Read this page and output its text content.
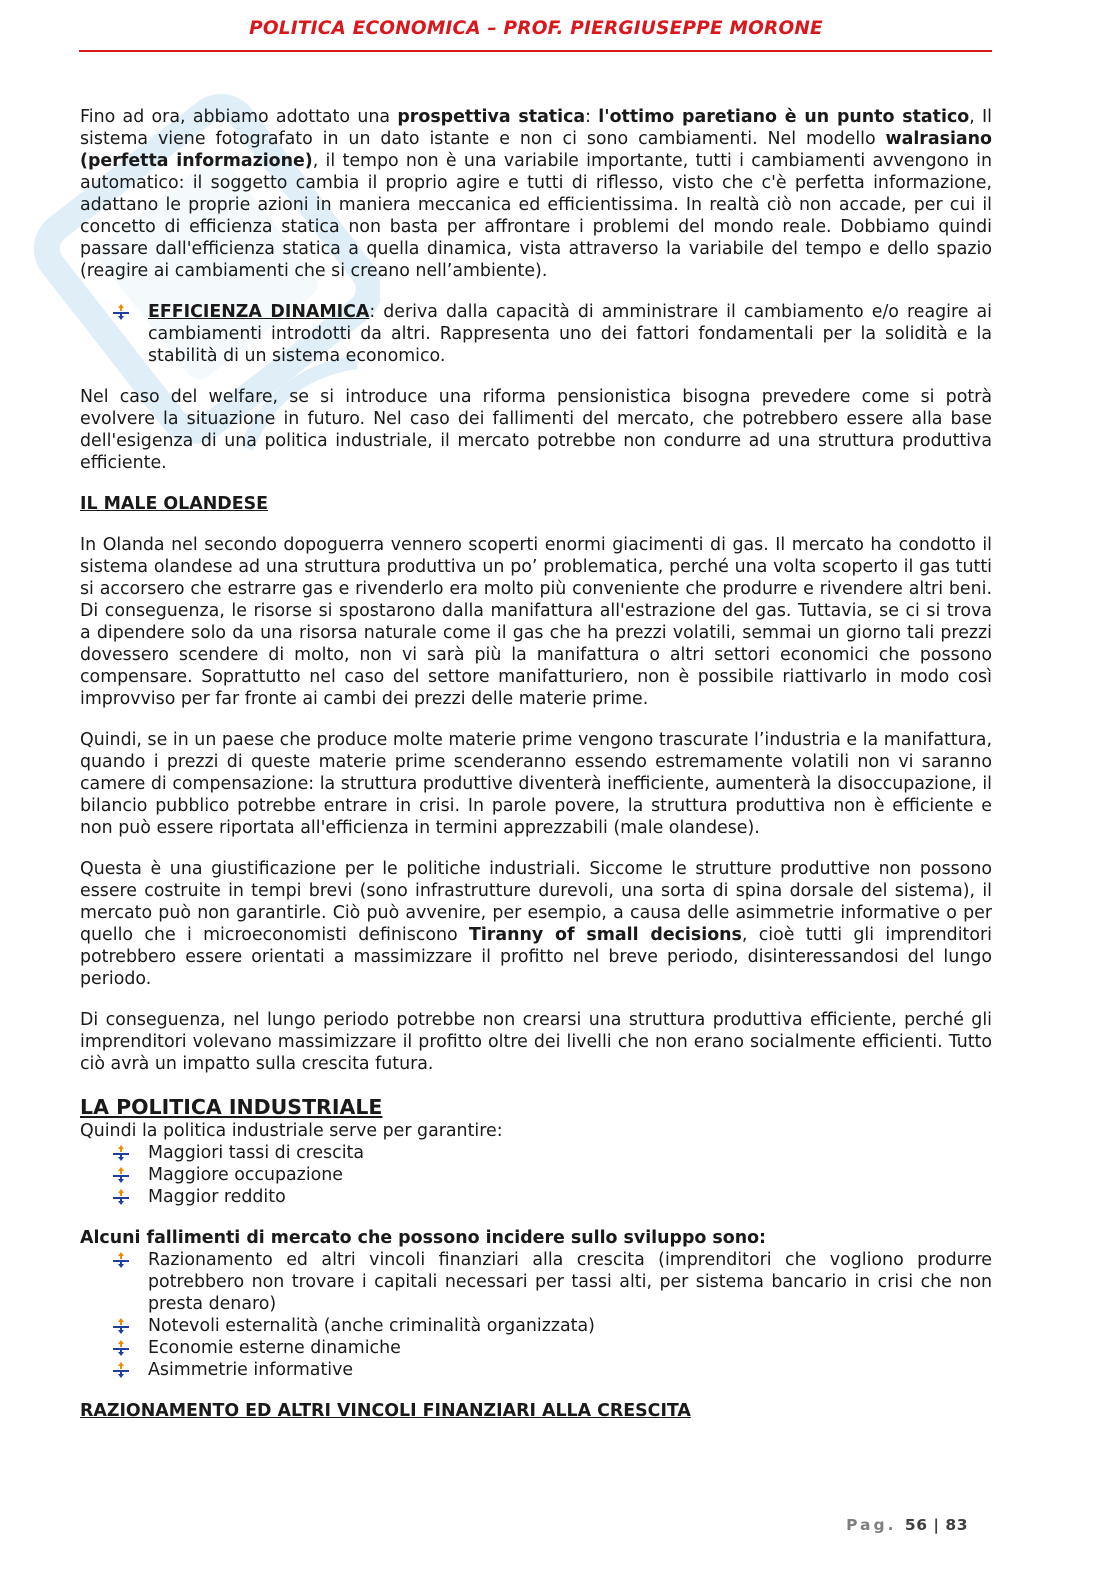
POLITICA ECONOMICA – PROF. PIERGIUSEPPE MORONE

Fino ad ora, abbiamo adottato una prospettiva statica: l'ottimo paretiano è un punto statico, Il sistema viene fotografato in un dato istante e non ci sono cambiamenti. Nel modello walrasiano (perfetta informazione), il tempo non è una variabile importante, tutti i cambiamenti avvengono in automatico: il soggetto cambia il proprio agire e tutti di riflesso, visto che c'è perfetta informazione, adattano le proprie azioni in maniera meccanica ed efficientissima. In realtà ciò non accade, per cui il concetto di efficienza statica non basta per affrontare i problemi del mondo reale. Dobbiamo quindi passare dall'efficienza statica a quella dinamica, vista attraverso la variabile del tempo e dello spazio (reagire ai cambiamenti che si creano nell’ambiente).

EFFICIENZA DINAMICA: deriva dalla capacità di amministrare il cambiamento e/o reagire ai cambiamenti introdotti da altri. Rappresenta uno dei fattori fondamentali per la solidità e la stabilità di un sistema economico.

Nel caso del welfare, se si introduce una riforma pensionistica bisogna prevedere come si potrà evolvere la situazione in futuro. Nel caso dei fallimenti del mercato, che potrebbero essere alla base dell'esigenza di una politica industriale, il mercato potrebbe non condurre ad una struttura produttiva efficiente.

IL MALE OLANDESE

In Olanda nel secondo dopoguerra vennero scoperti enormi giacimenti di gas. Il mercato ha condotto il sistema olandese ad una struttura produttiva un po’ problematica, perché una volta scoperto il gas tutti si accorsero che estrarre gas e rivenderlo era molto più conveniente che produrre e rivendere altri beni. Di conseguenza, le risorse si spostarono dalla manifattura all'estrazione del gas. Tuttavia, se ci si trova a dipendere solo da una risorsa naturale come il gas che ha prezzi volatili, semmai un giorno tali prezzi dovessero scendere di molto, non vi sarà più la manifattura o altri settori economici che possono compensare. Soprattutto nel caso del settore manifatturiero, non è possibile riattivarlo in modo così improvviso per far fronte ai cambi dei prezzi delle materie prime.

Quindi, se in un paese che produce molte materie prime vengono trascurate l’industria e la manifattura, quando i prezzi di queste materie prime scenderanno essendo estremamente volatili non vi saranno camere di compensazione: la struttura produttive diventerà inefficiente, aumenterà la disoccupazione, il bilancio pubblico potrebbe entrare in crisi. In parole povere, la struttura produttiva non è efficiente e non può essere riportata all'efficienza in termini apprezzabili (male olandese).

Questa è una giustificazione per le politiche industriali. Siccome le strutture produttive non possono essere costruite in tempi brevi (sono infrastrutture durevoli, una sorta di spina dorsale del sistema), il mercato può non garantirle. Ciò può avvenire, per esempio, a causa delle asimmetrie informative o per quello che i microeconomisti definiscono Tiranny of small decisions, cioè tutti gli imprenditori potrebbero essere orientati a massimizzare il profitto nel breve periodo, disinteressandosi del lungo periodo.

Di conseguenza, nel lungo periodo potrebbe non crearsi una struttura produttiva efficiente, perché gli imprenditori volevano massimizzare il profitto oltre dei livelli che non erano socialmente efficienti. Tutto ciò avrà un impatto sulla crescita futura.

LA POLITICA INDUSTRIALE
Quindi la politica industriale serve per garantire:
Maggiori tassi di crescita
Maggiore occupazione
Maggior reddito
Alcuni fallimenti di mercato che possono incidere sullo sviluppo sono:
Razionamento ed altri vincoli finanziari alla crescita (imprenditori che vogliono produrre potrebbero non trovare i capitali necessari per tassi alti, per sistema bancario in crisi che non presta denaro)
Notevoli esternalità (anche criminalità organizzata)
Economie esterne dinamiche
Asimmetrie informative
RAZIONAMENTO ED ALTRI VINCOLI FINANZIARI ALLA CRESCITA
Pag. 56 | 83
